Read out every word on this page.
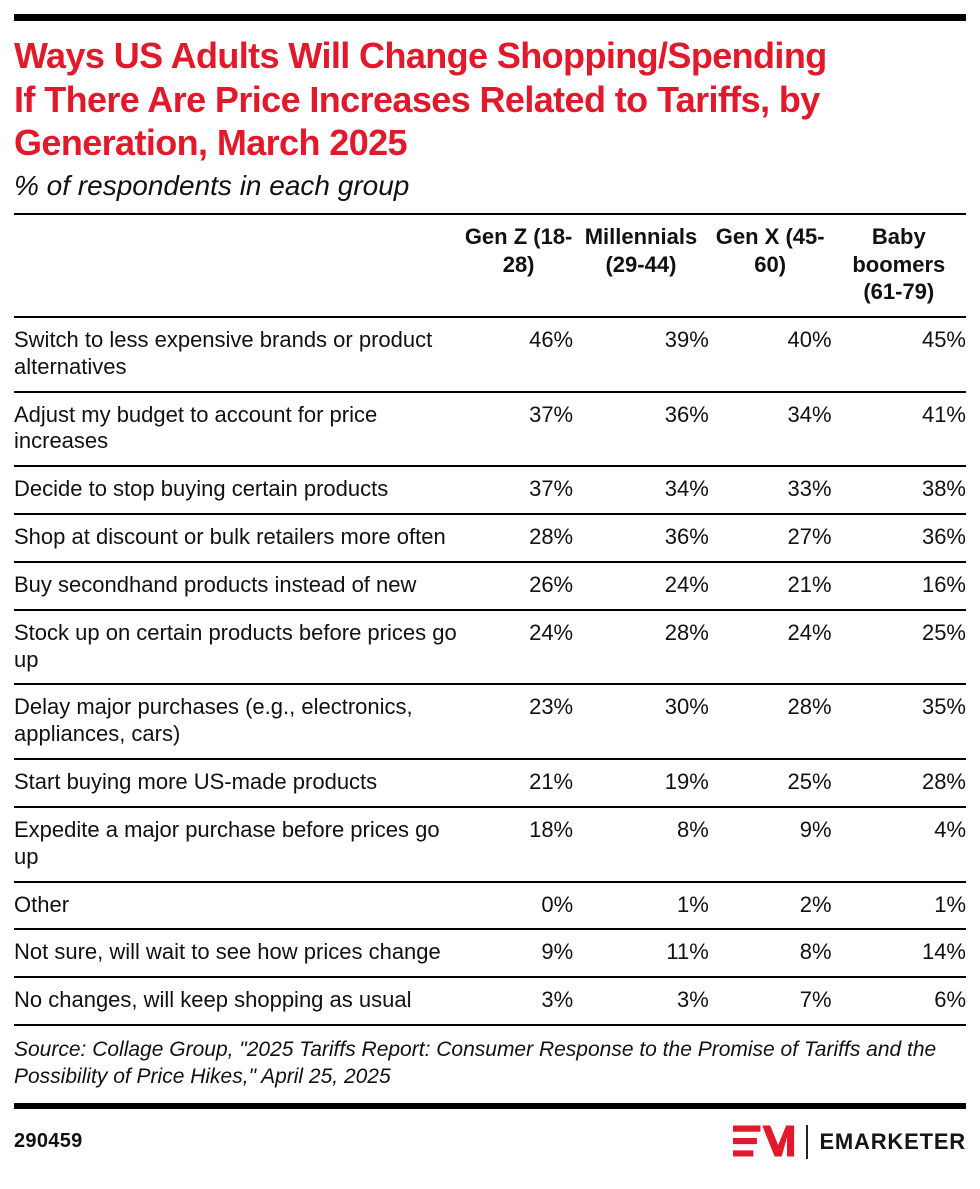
Ways US Adults Will Change Shopping/Spending
If There Are Price Increases Related to Tariffs, by
Generation, March 2025
% of respondents in each group
	Gen Z (18-28)	Millennials (29-44)	Gen X (45-60)	Baby boomers (61-79)
Switch to less expensive brands or product alternatives	46%	39%	40%	45%
Adjust my budget to account for price increases	37%	36%	34%	41%
Decide to stop buying certain products	37%	34%	33%	38%
Shop at discount or bulk retailers more often	28%	36%	27%	36%
Buy secondhand products instead of new	26%	24%	21%	16%
Stock up on certain products before prices go up	24%	28%	24%	25%
Delay major purchases (e.g., electronics, appliances, cars)	23%	30%	28%	35%
Start buying more US-made products	21%	19%	25%	28%
Expedite a major purchase before prices go up	18%	8%	9%	4%
Other	0%	1%	2%	1%
Not sure, will wait to see how prices change	9%	11%	8%	14%
No changes, will keep shopping as usual	3%	3%	7%	6%
Source: Collage Group, "2025 Tariffs Report: Consumer Response to the Promise of Tariffs and the Possibility of Price Hikes," April 25, 2025
290459	EMARKETER
